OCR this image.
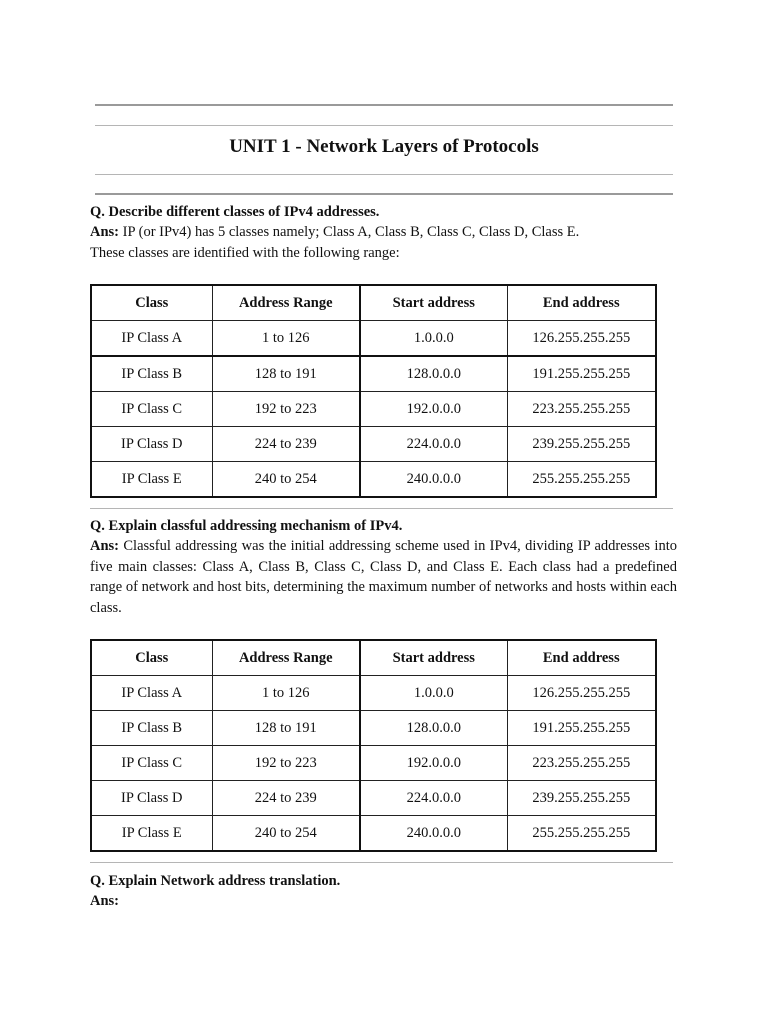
UNIT 1 - Network Layers of Protocols
Q. Describe different classes of IPv4 addresses.
Ans: IP (or IPv4) has 5 classes namely; Class A, Class B, Class C, Class D, Class E.
These classes are identified with the following range:
Class	Address Range	Start address	End address
IP Class A	1 to 126	1.0.0.0	126.255.255.255
IP Class B	128 to 191	128.0.0.0	191.255.255.255
IP Class C	192 to 223	192.0.0.0	223.255.255.255
IP Class D	224 to 239	224.0.0.0	239.255.255.255
IP Class E	240 to 254	240.0.0.0	255.255.255.255
Q. Explain classful addressing mechanism of IPv4.
Ans: Classful addressing was the initial addressing scheme used in IPv4, dividing IP addresses into five main classes: Class A, Class B, Class C, Class D, and Class E. Each class had a predefined range of network and host bits, determining the maximum number of networks and hosts within each class.
Class	Address Range	Start address	End address
IP Class A	1 to 126	1.0.0.0	126.255.255.255
IP Class B	128 to 191	128.0.0.0	191.255.255.255
IP Class C	192 to 223	192.0.0.0	223.255.255.255
IP Class D	224 to 239	224.0.0.0	239.255.255.255
IP Class E	240 to 254	240.0.0.0	255.255.255.255
Q. Explain Network address translation.
Ans:
